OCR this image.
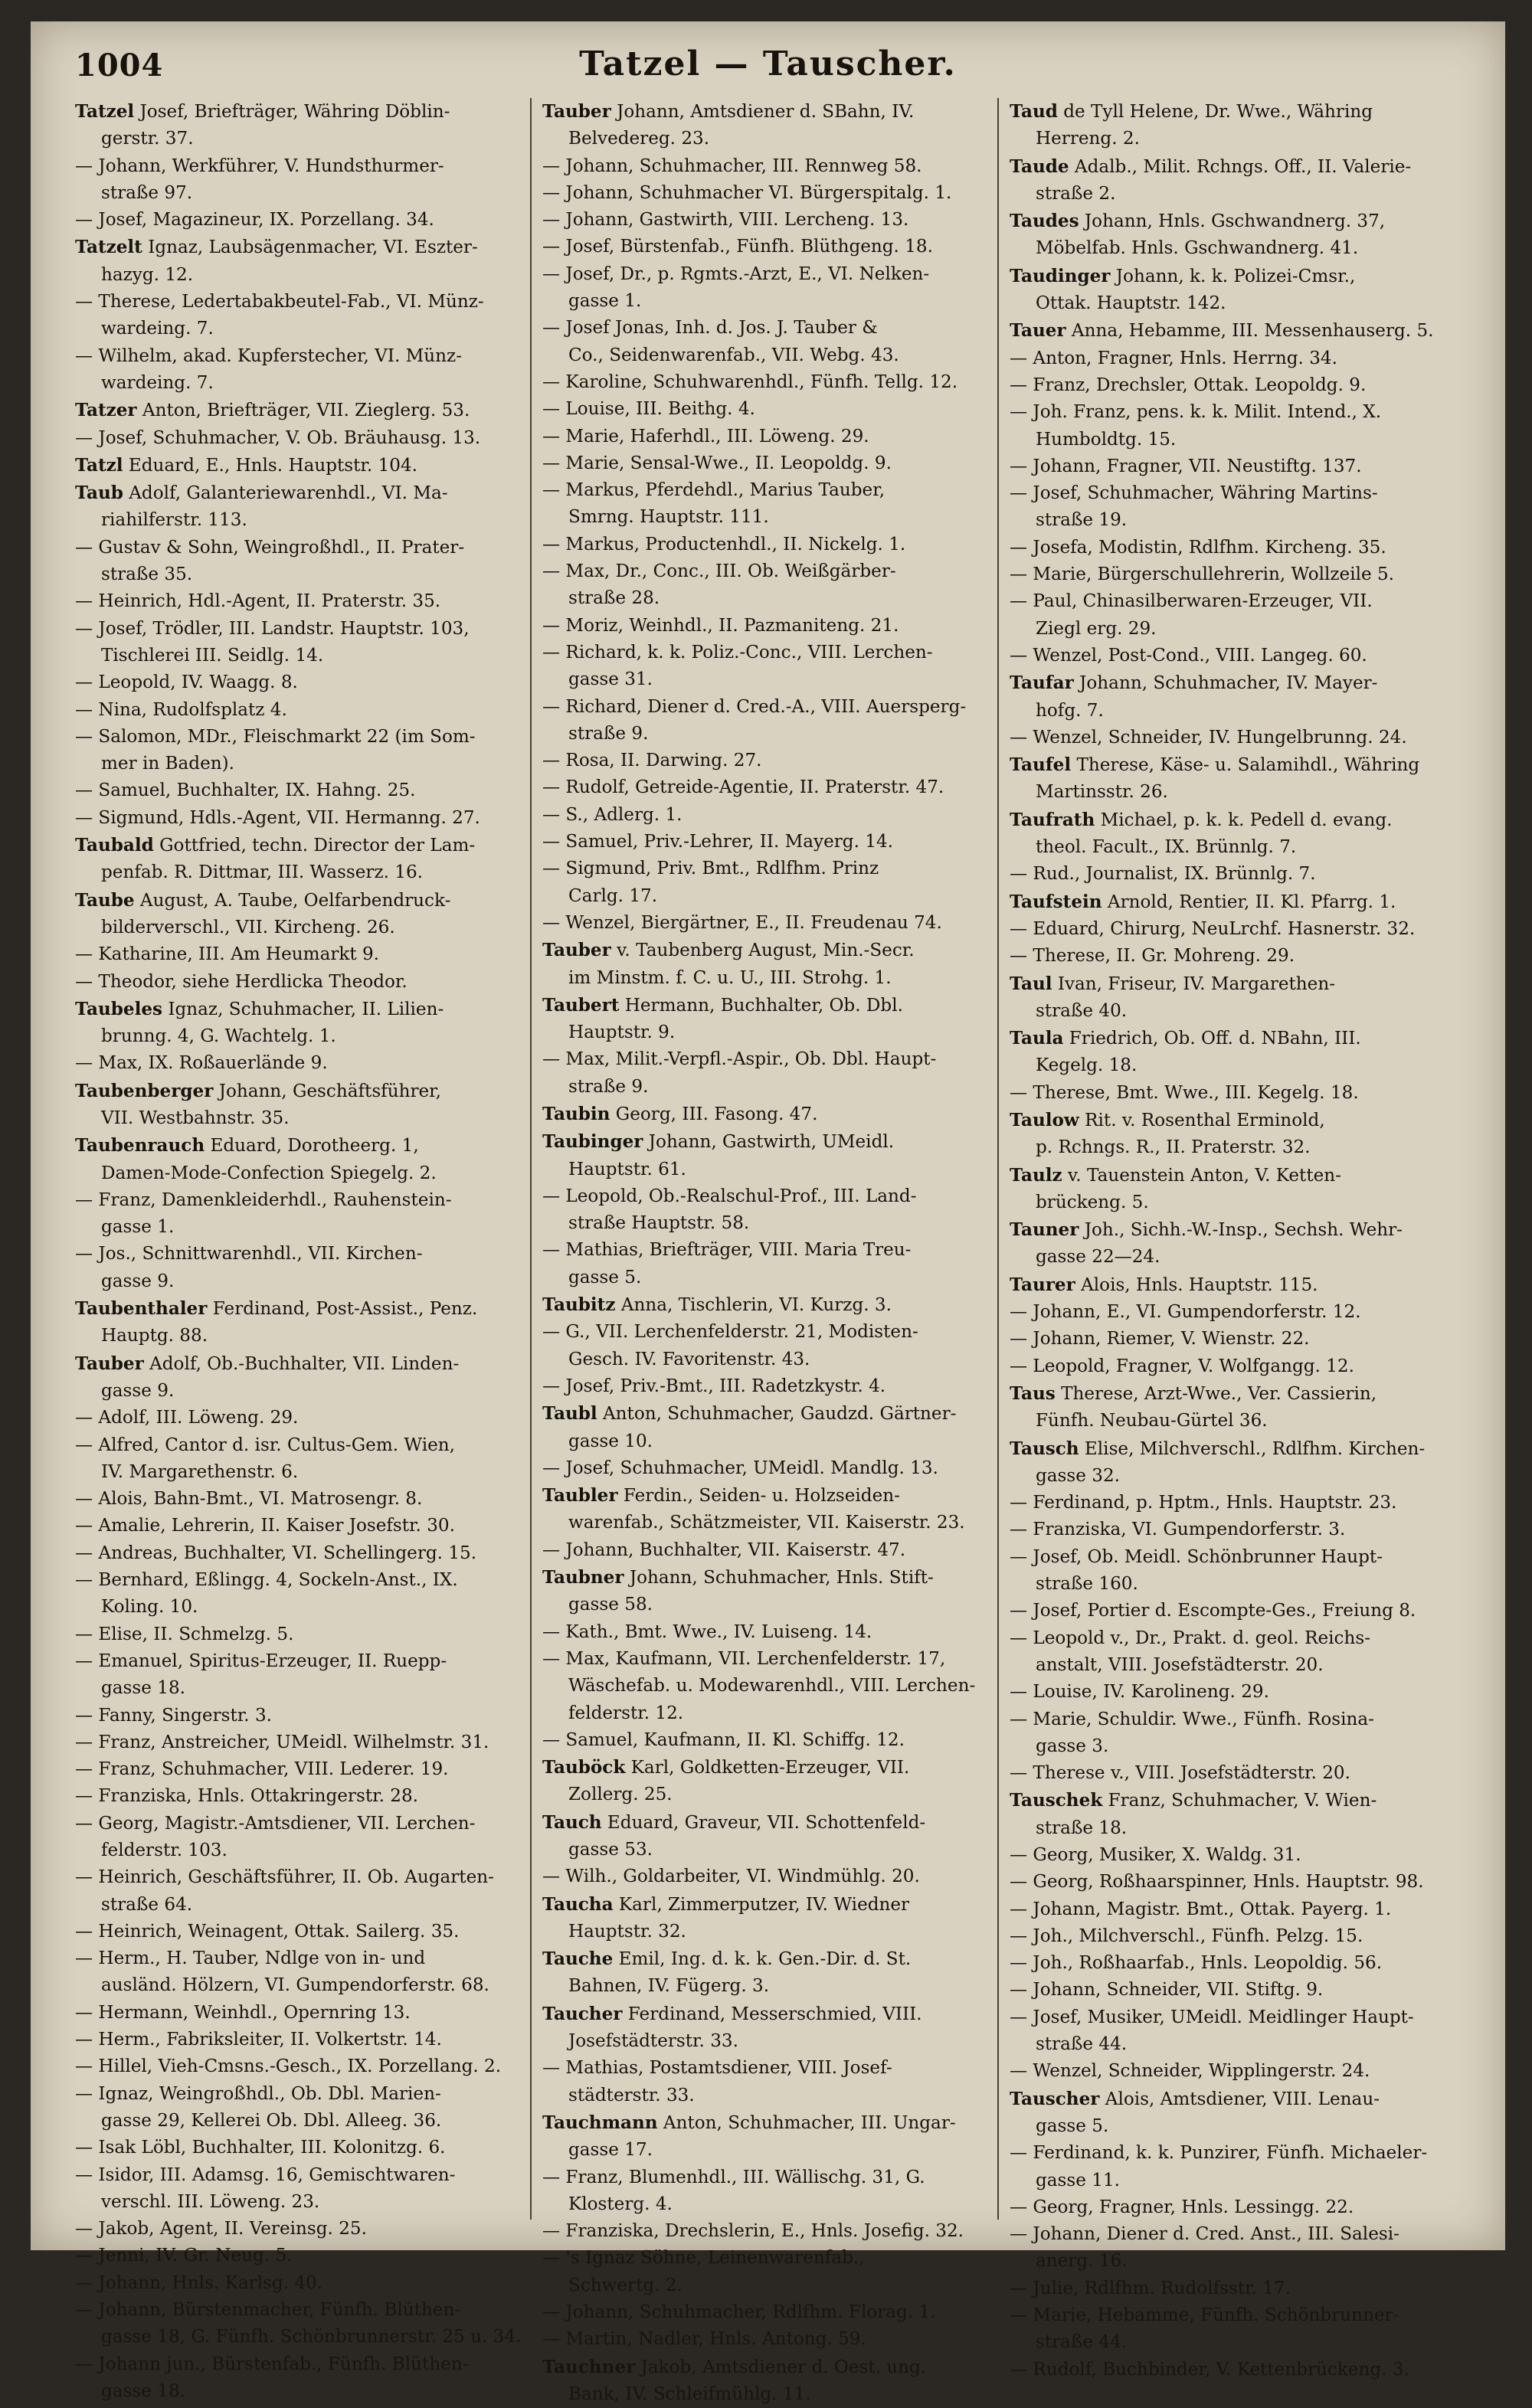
1004	Tatzel — Tauscher.
Tatzel Josef, Briefträger, Währing Döblin-
gerstr. 37.
— Johann, Werkführer, V. Hundsthurmer-
straße 97.
— Josef, Magazineur, IX. Porzellang. 34.
Tatzelt Ignaz, Laubsägenmacher, VI. Eszter-
hazyg. 12.
— Therese, Ledertabakbeutel-Fab., VI. Münz-
wardeing. 7.
— Wilhelm, akad. Kupferstecher, VI. Münz-
wardeing. 7.
Tatzer Anton, Briefträger, VII. Zieglerg. 53.
— Josef, Schuhmacher, V. Ob. Bräuhausg. 13.
Tatzl Eduard, E., Hnls. Hauptstr. 104.
Taub Adolf, Galanteriewarenhdl., VI. Ma-
riahilferstr. 113.
— Gustav & Sohn, Weingroßhdl., II. Prater-
straße 35.
— Heinrich, Hdl.-Agent, II. Praterstr. 35.
— Josef, Trödler, III. Landstr. Hauptstr. 103,
Tischlerei III. Seidlg. 14.
— Leopold, IV. Waagg. 8.
— Nina, Rudolfsplatz 4.
— Salomon, MDr., Fleischmarkt 22 (im Som-
mer in Baden).
— Samuel, Buchhalter, IX. Hahng. 25.
— Sigmund, Hdls.-Agent, VII. Hermanng. 27.
Taubald Gottfried, techn. Director der Lam-
penfab. R. Dittmar, III. Wasserz. 16.
Taube August, A. Taube, Oelfarbendruck-
bilderverschl., VII. Kircheng. 26.
— Katharine, III. Am Heumarkt 9.
— Theodor, siehe Herdlicka Theodor.
Taubeles Ignaz, Schuhmacher, II. Lilien-
brunng. 4, G. Wachtelg. 1.
— Max, IX. Roßauerlände 9.
Taubenberger Johann, Geschäftsführer,
VII. Westbahnstr. 35.
Taubenrauch Eduard, Dorotheerg. 1,
Damen-Mode-Confection Spiegelg. 2.
— Franz, Damenkleiderhdl., Rauhenstein-
gasse 1.
— Jos., Schnittwarenhdl., VII. Kirchen-
gasse 9.
Taubenthaler Ferdinand, Post-Assist., Penz.
Hauptg. 88.
Tauber Adolf, Ob.-Buchhalter, VII. Linden-
gasse 9.
— Adolf, III. Löweng. 29.
— Alfred, Cantor d. isr. Cultus-Gem. Wien,
IV. Margarethenstr. 6.
— Alois, Bahn-Bmt., VI. Matrosengr. 8.
— Amalie, Lehrerin, II. Kaiser Josefstr. 30.
— Andreas, Buchhalter, VI. Schellingerg. 15.
— Bernhard, Eßlingg. 4, Sockeln-Anst., IX.
Koling. 10.
— Elise, II. Schmelzg. 5.
— Emanuel, Spiritus-Erzeuger, II. Ruepp-
gasse 18.
— Fanny, Singerstr. 3.
— Franz, Anstreicher, UMeidl. Wilhelmstr. 31.
— Franz, Schuhmacher, VIII. Lederer. 19.
— Franziska, Hnls. Ottakringerstr. 28.
— Georg, Magistr.-Amtsdiener, VII. Lerchen-
felderstr. 103.
— Heinrich, Geschäftsführer, II. Ob. Augarten-
straße 64.
— Heinrich, Weinagent, Ottak. Sailerg. 35.
— Herm., H. Tauber, Ndlge von in- und
ausländ. Hölzern, VI. Gumpendorferstr. 68.
— Hermann, Weinhdl., Opernring 13.
— Herm., Fabriksleiter, II. Volkertstr. 14.
— Hillel, Vieh-Cmsns.-Gesch., IX. Porzellang. 2.
— Ignaz, Weingroßhdl., Ob. Dbl. Marien-
gasse 29, Kellerei Ob. Dbl. Alleeg. 36.
— Isak Löbl, Buchhalter, III. Kolonitzg. 6.
— Isidor, III. Adamsg. 16, Gemischtwaren-
verschl. III. Löweng. 23.
— Jakob, Agent, II. Vereinsg. 25.
— Jenni, IV. Gr. Neug. 5.
— Johann, Hnls. Karlsg. 40.
— Johann, Bürstenmacher, Fünfh. Blüthen-
gasse 18, G. Fünfh. Schönbrunnerstr. 25 u. 34.
— Johann jun., Bürstenfab., Fünfh. Blüthen-
gasse 18.
Tauber Johann, Amtsdiener d. SBahn, IV.
Belvedereg. 23.
— Johann, Schuhmacher, III. Rennweg 58.
— Johann, Schuhmacher VI. Bürgerspitalg. 1.
— Johann, Gastwirth, VIII. Lercheng. 13.
— Josef, Bürstenfab., Fünfh. Blüthgeng. 18.
— Josef, Dr., p. Rgmts.-Arzt, E., VI. Nelken-
gasse 1.
— Josef Jonas, Inh. d. Jos. J. Tauber &
Co., Seidenwarenfab., VII. Webg. 43.
— Karoline, Schuhwarenhdl., Fünfh. Tellg. 12.
— Louise, III. Beithg. 4.
— Marie, Haferhdl., III. Löweng. 29.
— Marie, Sensal-Wwe., II. Leopoldg. 9.
— Markus, Pferdehdl., Marius Tauber,
Smrng. Hauptstr. 111.
— Markus, Productenhdl., II. Nickelg. 1.
— Max, Dr., Conc., III. Ob. Weißgärber-
straße 28.
— Moriz, Weinhdl., II. Pazmaniteng. 21.
— Richard, k. k. Poliz.-Conc., VIII. Lerchen-
gasse 31.
— Richard, Diener d. Cred.-A., VIII. Auersperg-
straße 9.
— Rosa, II. Darwing. 27.
— Rudolf, Getreide-Agentie, II. Praterstr. 47.
— S., Adlerg. 1.
— Samuel, Priv.-Lehrer, II. Mayerg. 14.
— Sigmund, Priv. Bmt., Rdlfhm. Prinz
Carlg. 17.
— Wenzel, Biergärtner, E., II. Freudenau 74.
Tauber v. Taubenberg August, Min.-Secr.
im Minstm. f. C. u. U., III. Strohg. 1.
Taubert Hermann, Buchhalter, Ob. Dbl.
Hauptstr. 9.
— Max, Milit.-Verpfl.-Aspir., Ob. Dbl. Haupt-
straße 9.
Taubin Georg, III. Fasong. 47.
Taubinger Johann, Gastwirth, UMeidl.
Hauptstr. 61.
— Leopold, Ob.-Realschul-Prof., III. Land-
straße Hauptstr. 58.
— Mathias, Briefträger, VIII. Maria Treu-
gasse 5.
Taubitz Anna, Tischlerin, VI. Kurzg. 3.
— G., VII. Lerchenfelderstr. 21, Modisten-
Gesch. IV. Favoritenstr. 43.
— Josef, Priv.-Bmt., III. Radetzkystr. 4.
Taubl Anton, Schuhmacher, Gaudzd. Gärtner-
gasse 10.
— Josef, Schuhmacher, UMeidl. Mandlg. 13.
Taubler Ferdin., Seiden- u. Holzseiden-
warenfab., Schätzmeister, VII. Kaiserstr. 23.
— Johann, Buchhalter, VII. Kaiserstr. 47.
Taubner Johann, Schuhmacher, Hnls. Stift-
gasse 58.
— Kath., Bmt. Wwe., IV. Luiseng. 14.
— Max, Kaufmann, VII. Lerchenfelderstr. 17,
Wäschefab. u. Modewarenhdl., VIII. Lerchen-
felderstr. 12.
— Samuel, Kaufmann, II. Kl. Schiffg. 12.
Tauböck Karl, Goldketten-Erzeuger, VII.
Zollerg. 25.
Tauch Eduard, Graveur, VII. Schottenfeld-
gasse 53.
— Wilh., Goldarbeiter, VI. Windmühlg. 20.
Taucha Karl, Zimmerputzer, IV. Wiedner
Hauptstr. 32.
Tauche Emil, Ing. d. k. k. Gen.-Dir. d. St.
Bahnen, IV. Fügerg. 3.
Taucher Ferdinand, Messerschmied, VIII.
Josefstädterstr. 33.
— Mathias, Postamtsdiener, VIII. Josef-
städterstr. 33.
Tauchmann Anton, Schuhmacher, III. Ungar-
gasse 17.
— Franz, Blumenhdl., III. Wällischg. 31, G.
Klosterg. 4.
— Franziska, Drechslerin, E., Hnls. Josefig. 32.
— 's Ignaz Söhne, Leinenwarenfab.,
Schwertg. 2.
— Johann, Schuhmacher, Rdlfhm. Florag. 1.
— Martin, Nadler, Hnls. Antong. 59.
Tauchner Jakob, Amtsdiener d. Oest. ung.
Bank, IV. Schleifmühlg. 11.
Taud de Tyll Helene, Dr. Wwe., Währing
Herreng. 2.
Taude Adalb., Milit. Rchngs. Off., II. Valerie-
straße 2.
Taudes Johann, Hnls. Gschwandnerg. 37,
Möbelfab. Hnls. Gschwandnerg. 41.
Taudinger Johann, k. k. Polizei-Cmsr.,
Ottak. Hauptstr. 142.
Tauer Anna, Hebamme, III. Messenhauserg. 5.
— Anton, Fragner, Hnls. Herrng. 34.
— Franz, Drechsler, Ottak. Leopoldg. 9.
— Joh. Franz, pens. k. k. Milit. Intend., X.
Humboldtg. 15.
— Johann, Fragner, VII. Neustiftg. 137.
— Josef, Schuhmacher, Währing Martins-
straße 19.
— Josefa, Modistin, Rdlfhm. Kircheng. 35.
— Marie, Bürgerschullehrerin, Wollzeile 5.
— Paul, Chinasilberwaren-Erzeuger, VII.
Ziegl erg. 29.
— Wenzel, Post-Cond., VIII. Langeg. 60.
Taufar Johann, Schuhmacher, IV. Mayer-
hofg. 7.
— Wenzel, Schneider, IV. Hungelbrunng. 24.
Taufel Therese, Käse- u. Salamihdl., Währing
Martinsstr. 26.
Taufrath Michael, p. k. k. Pedell d. evang.
theol. Facult., IX. Brünnlg. 7.
— Rud., Journalist, IX. Brünnlg. 7.
Taufstein Arnold, Rentier, II. Kl. Pfarrg. 1.
— Eduard, Chirurg, NeuLrchf. Hasnerstr. 32.
— Therese, II. Gr. Mohreng. 29.
Taul Ivan, Friseur, IV. Margarethen-
straße 40.
Taula Friedrich, Ob. Off. d. NBahn, III.
Kegelg. 18.
— Therese, Bmt. Wwe., III. Kegelg. 18.
Taulow Rit. v. Rosenthal Erminold,
p. Rchngs. R., II. Praterstr. 32.
Taulz v. Tauenstein Anton, V. Ketten-
brückeng. 5.
Tauner Joh., Sichh.-W.-Insp., Sechsh. Wehr-
gasse 22—24.
Taurer Alois, Hnls. Hauptstr. 115.
— Johann, E., VI. Gumpendorferstr. 12.
— Johann, Riemer, V. Wienstr. 22.
— Leopold, Fragner, V. Wolfgangg. 12.
Taus Therese, Arzt-Wwe., Ver. Cassierin,
Fünfh. Neubau-Gürtel 36.
Tausch Elise, Milchverschl., Rdlfhm. Kirchen-
gasse 32.
— Ferdinand, p. Hptm., Hnls. Hauptstr. 23.
— Franziska, VI. Gumpendorferstr. 3.
— Josef, Ob. Meidl. Schönbrunner Haupt-
straße 160.
— Josef, Portier d. Escompte-Ges., Freiung 8.
— Leopold v., Dr., Prakt. d. geol. Reichs-
anstalt, VIII. Josefstädterstr. 20.
— Louise, IV. Karolineng. 29.
— Marie, Schuldir. Wwe., Fünfh. Rosina-
gasse 3.
— Therese v., VIII. Josefstädterstr. 20.
Tauschek Franz, Schuhmacher, V. Wien-
straße 18.
— Georg, Musiker, X. Waldg. 31.
— Georg, Roßhaarspinner, Hnls. Hauptstr. 98.
— Johann, Magistr. Bmt., Ottak. Payerg. 1.
— Joh., Milchverschl., Fünfh. Pelzg. 15.
— Joh., Roßhaarfab., Hnls. Leopoldig. 56.
— Johann, Schneider, VII. Stiftg. 9.
— Josef, Musiker, UMeidl. Meidlinger Haupt-
straße 44.
— Wenzel, Schneider, Wipplingerstr. 24.
Tauscher Alois, Amtsdiener, VIII. Lenau-
gasse 5.
— Ferdinand, k. k. Punzirer, Fünfh. Michaeler-
gasse 11.
— Georg, Fragner, Hnls. Lessingg. 22.
— Johann, Diener d. Cred. Anst., III. Salesi-
anerg. 16.
— Julie, Rdlfhm. Rudolfsstr. 17.
— Marie, Hebamme, Fünfh. Schönbrunner-
straße 44.
— Rudolf, Buchbinder, V. Kettenbrückeng. 3.
